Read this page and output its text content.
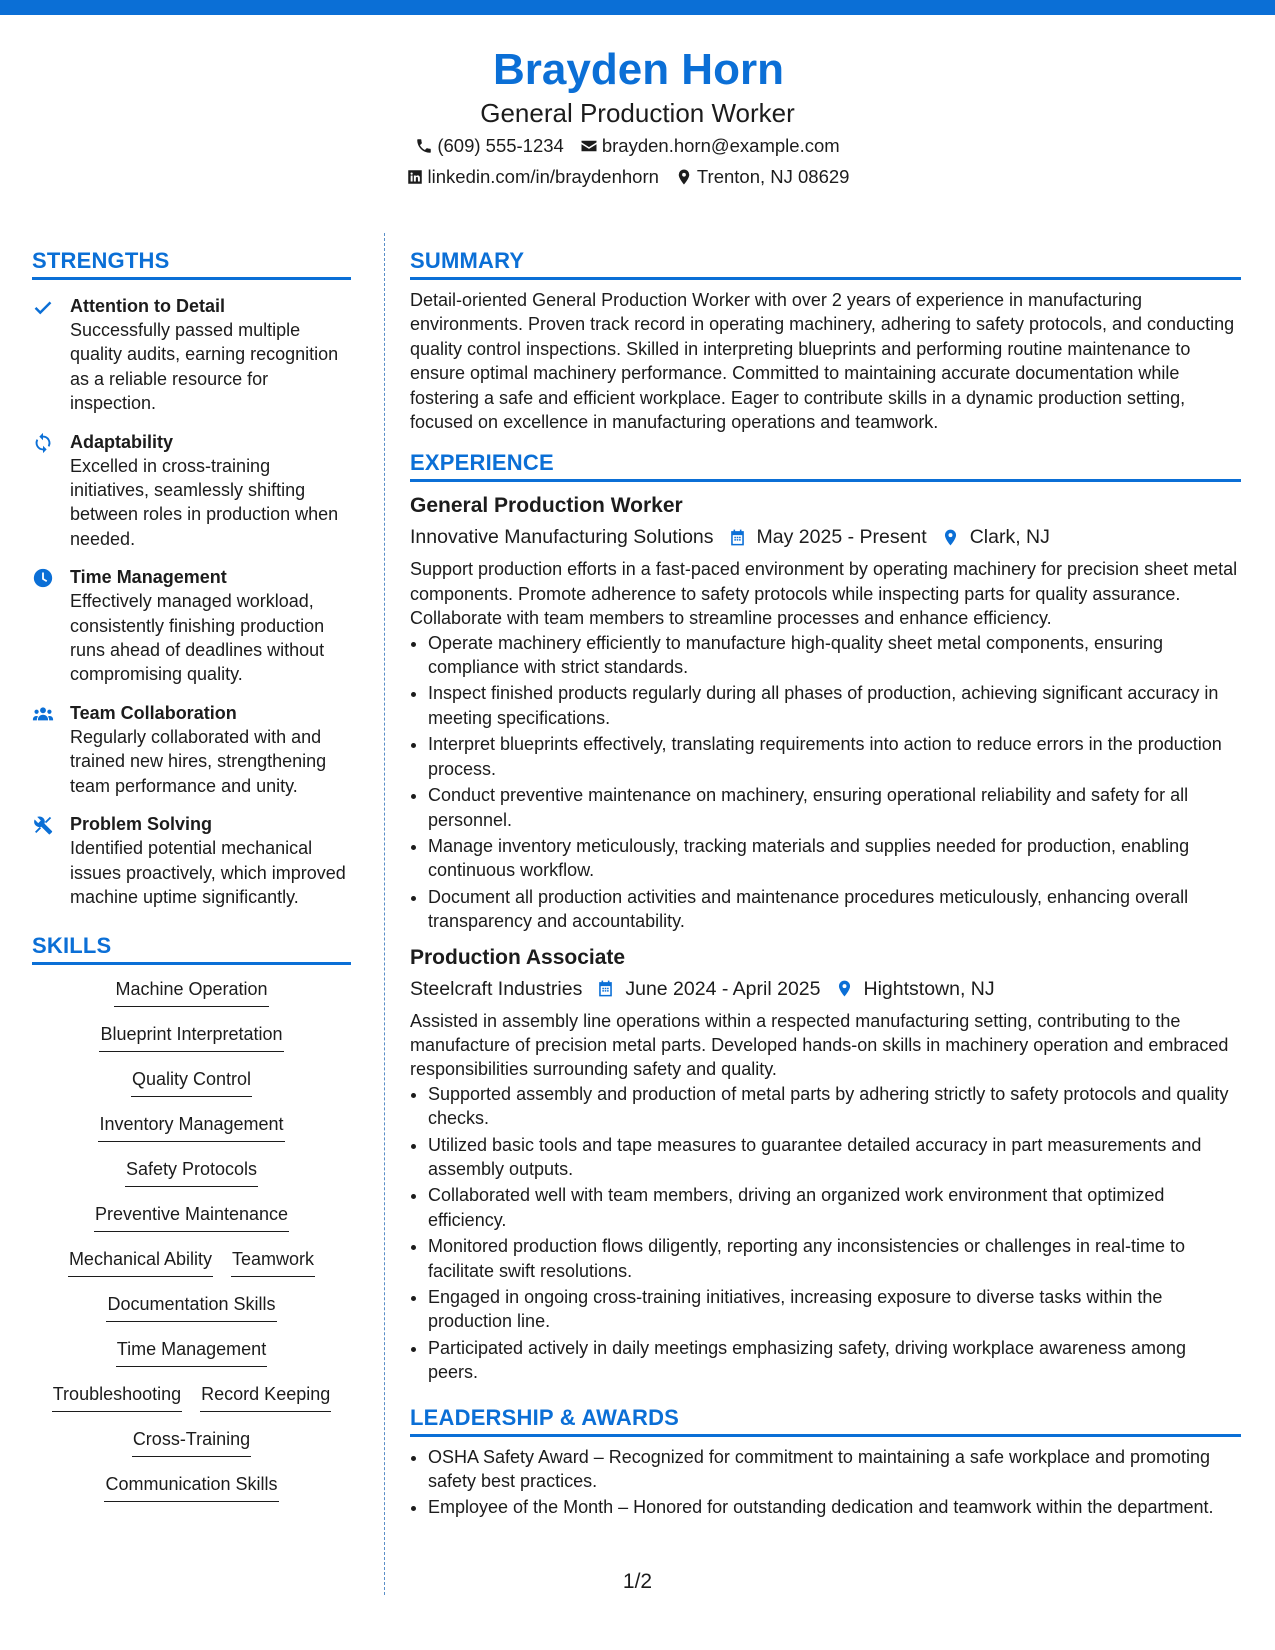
Brayden Horn
General Production Worker
(609) 555-1234 brayden.horn@example.com
linkedin.com/in/braydenhorn Trenton, NJ 08629
STRENGTHS
Attention to Detail
Successfully passed multiple quality audits, earning recognition as a reliable resource for inspection.
Adaptability
Excelled in cross-training initiatives, seamlessly shifting between roles in production when needed.
Time Management
Effectively managed workload, consistently finishing production runs ahead of deadlines without compromising quality.
Team Collaboration
Regularly collaborated with and trained new hires, strengthening team performance and unity.
Problem Solving
Identified potential mechanical issues proactively, which improved machine uptime significantly.
SKILLS
Machine Operation
Blueprint Interpretation
Quality Control
Inventory Management
Safety Protocols
Preventive Maintenance
Mechanical Ability Teamwork
Documentation Skills
Time Management
Troubleshooting Record Keeping
Cross-Training
Communication Skills
SUMMARY
Detail-oriented General Production Worker with over 2 years of experience in manufacturing environments. Proven track record in operating machinery, adhering to safety protocols, and conducting quality control inspections. Skilled in interpreting blueprints and performing routine maintenance to ensure optimal machinery performance. Committed to maintaining accurate documentation while fostering a safe and efficient workplace. Eager to contribute skills in a dynamic production setting, focused on excellence in manufacturing operations and teamwork.
EXPERIENCE
General Production Worker
Innovative Manufacturing Solutions May 2025 - Present Clark, NJ
Support production efforts in a fast-paced environment by operating machinery for precision sheet metal components. Promote adherence to safety protocols while inspecting parts for quality assurance. Collaborate with team members to streamline processes and enhance efficiency.
• Operate machinery efficiently to manufacture high-quality sheet metal components, ensuring compliance with strict standards.
• Inspect finished products regularly during all phases of production, achieving significant accuracy in meeting specifications.
• Interpret blueprints effectively, translating requirements into action to reduce errors in the production process.
• Conduct preventive maintenance on machinery, ensuring operational reliability and safety for all personnel.
• Manage inventory meticulously, tracking materials and supplies needed for production, enabling continuous workflow.
• Document all production activities and maintenance procedures meticulously, enhancing overall transparency and accountability.
Production Associate
Steelcraft Industries June 2024 - April 2025 Hightstown, NJ
Assisted in assembly line operations within a respected manufacturing setting, contributing to the manufacture of precision metal parts. Developed hands-on skills in machinery operation and embraced responsibilities surrounding safety and quality.
• Supported assembly and production of metal parts by adhering strictly to safety protocols and quality checks.
• Utilized basic tools and tape measures to guarantee detailed accuracy in part measurements and assembly outputs.
• Collaborated well with team members, driving an organized work environment that optimized efficiency.
• Monitored production flows diligently, reporting any inconsistencies or challenges in real-time to facilitate swift resolutions.
• Engaged in ongoing cross-training initiatives, increasing exposure to diverse tasks within the production line.
• Participated actively in daily meetings emphasizing safety, driving workplace awareness among peers.
LEADERSHIP & AWARDS
• OSHA Safety Award – Recognized for commitment to maintaining a safe workplace and promoting safety best practices.
• Employee of the Month – Honored for outstanding dedication and teamwork within the department.
1/2
